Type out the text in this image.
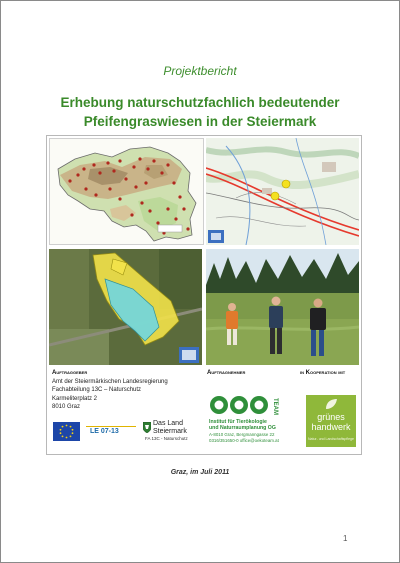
Projektbericht
Erhebung naturschutzfachlich bedeutender
Pfeifengraswiesen in der Steiermark
Auftraggeber
Amt der Steiermärkischen Landesregierung
Fachabteilung 13C – Naturschutz
Karmeliterplatz 2
8010 Graz
LE 07-13
Das Land
Steiermark
FA 13C - Naturschutz
Auftragnehmer	in Kooperation mit
TEAM
Institut für Tierökologie
und Naturraumplanung OG
A-8010 Graz, Bergmanngasse 22
0316/351650-0 office@oekoteam.at
grünes
handwerk
Natur- und Landschaftspflege
Graz, im Juli 2011
1
